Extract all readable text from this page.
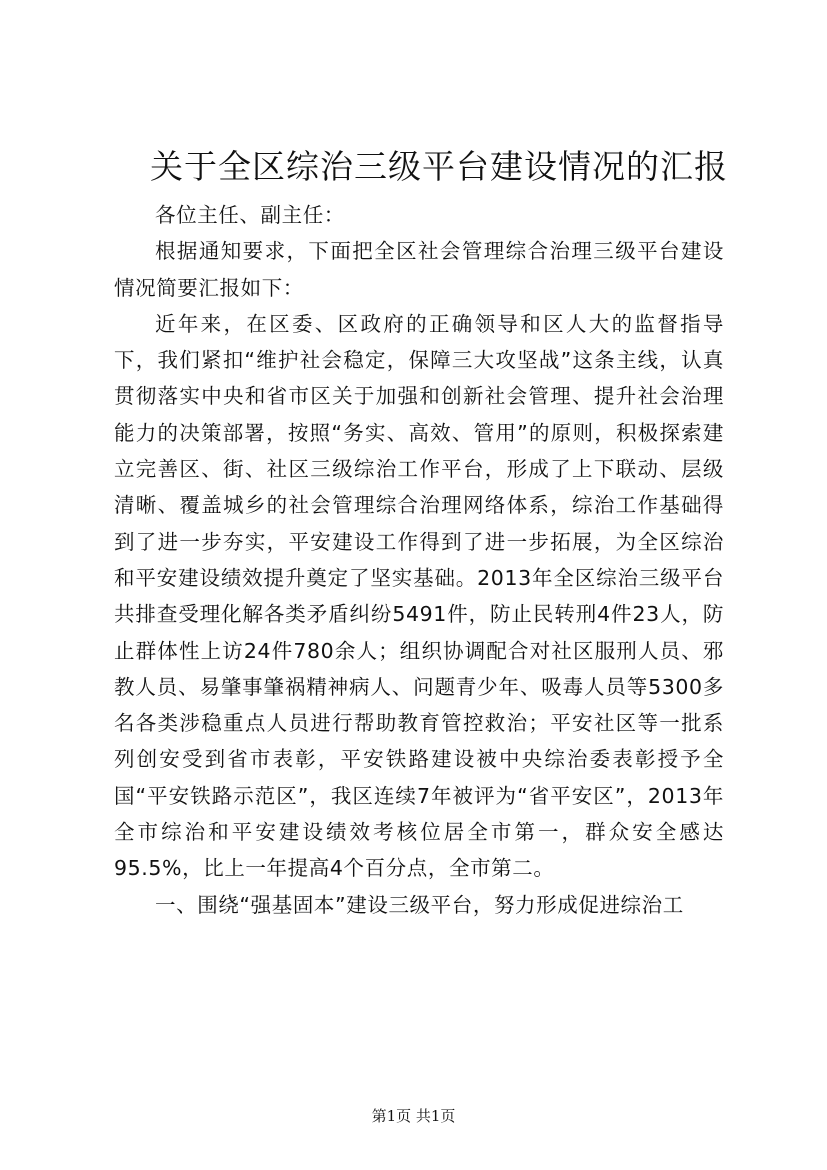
关于全区综治三级平台建设情况的汇报

各位主任、副主任：

根据通知要求，下面把全区社会管理综合治理三级平台建设情况简要汇报如下：

近年来，在区委、区政府的正确领导和区人大的监督指导下，我们紧扣“维护社会稳定，保障三大攻坚战”这条主线，认真贯彻落实中央和省市区关于加强和创新社会管理、提升社会治理能力的决策部署，按照“务实、高效、管用”的原则，积极探索建立完善区、街、社区三级综治工作平台，形成了上下联动、层级清晰、覆盖城乡的社会管理综合治理网络体系，综治工作基础得到了进一步夯实，平安建设工作得到了进一步拓展，为全区综治和平安建设绩效提升奠定了坚实基础。2013年全区综治三级平台共排查受理化解各类矛盾纠纷5491件，防止民转刑4件23人，防止群体性上访24件780余人；组织协调配合对社区服刑人员、邪教人员、易肇事肇祸精神病人、问题青少年、吸毒人员等5300多名各类涉稳重点人员进行帮助教育管控救治；平安社区等一批系列创安受到省市表彰，平安铁路建设被中央综治委表彰授予全国“平安铁路示范区”，我区连续7年被评为“省平安区”，2013年全市综治和平安建设绩效考核位居全市第一，群众安全感达95.5%，比上一年提高4个百分点，全市第二。

一、围绕“强基固本”建设三级平台，努力形成促进综治工

第1页 共1页
